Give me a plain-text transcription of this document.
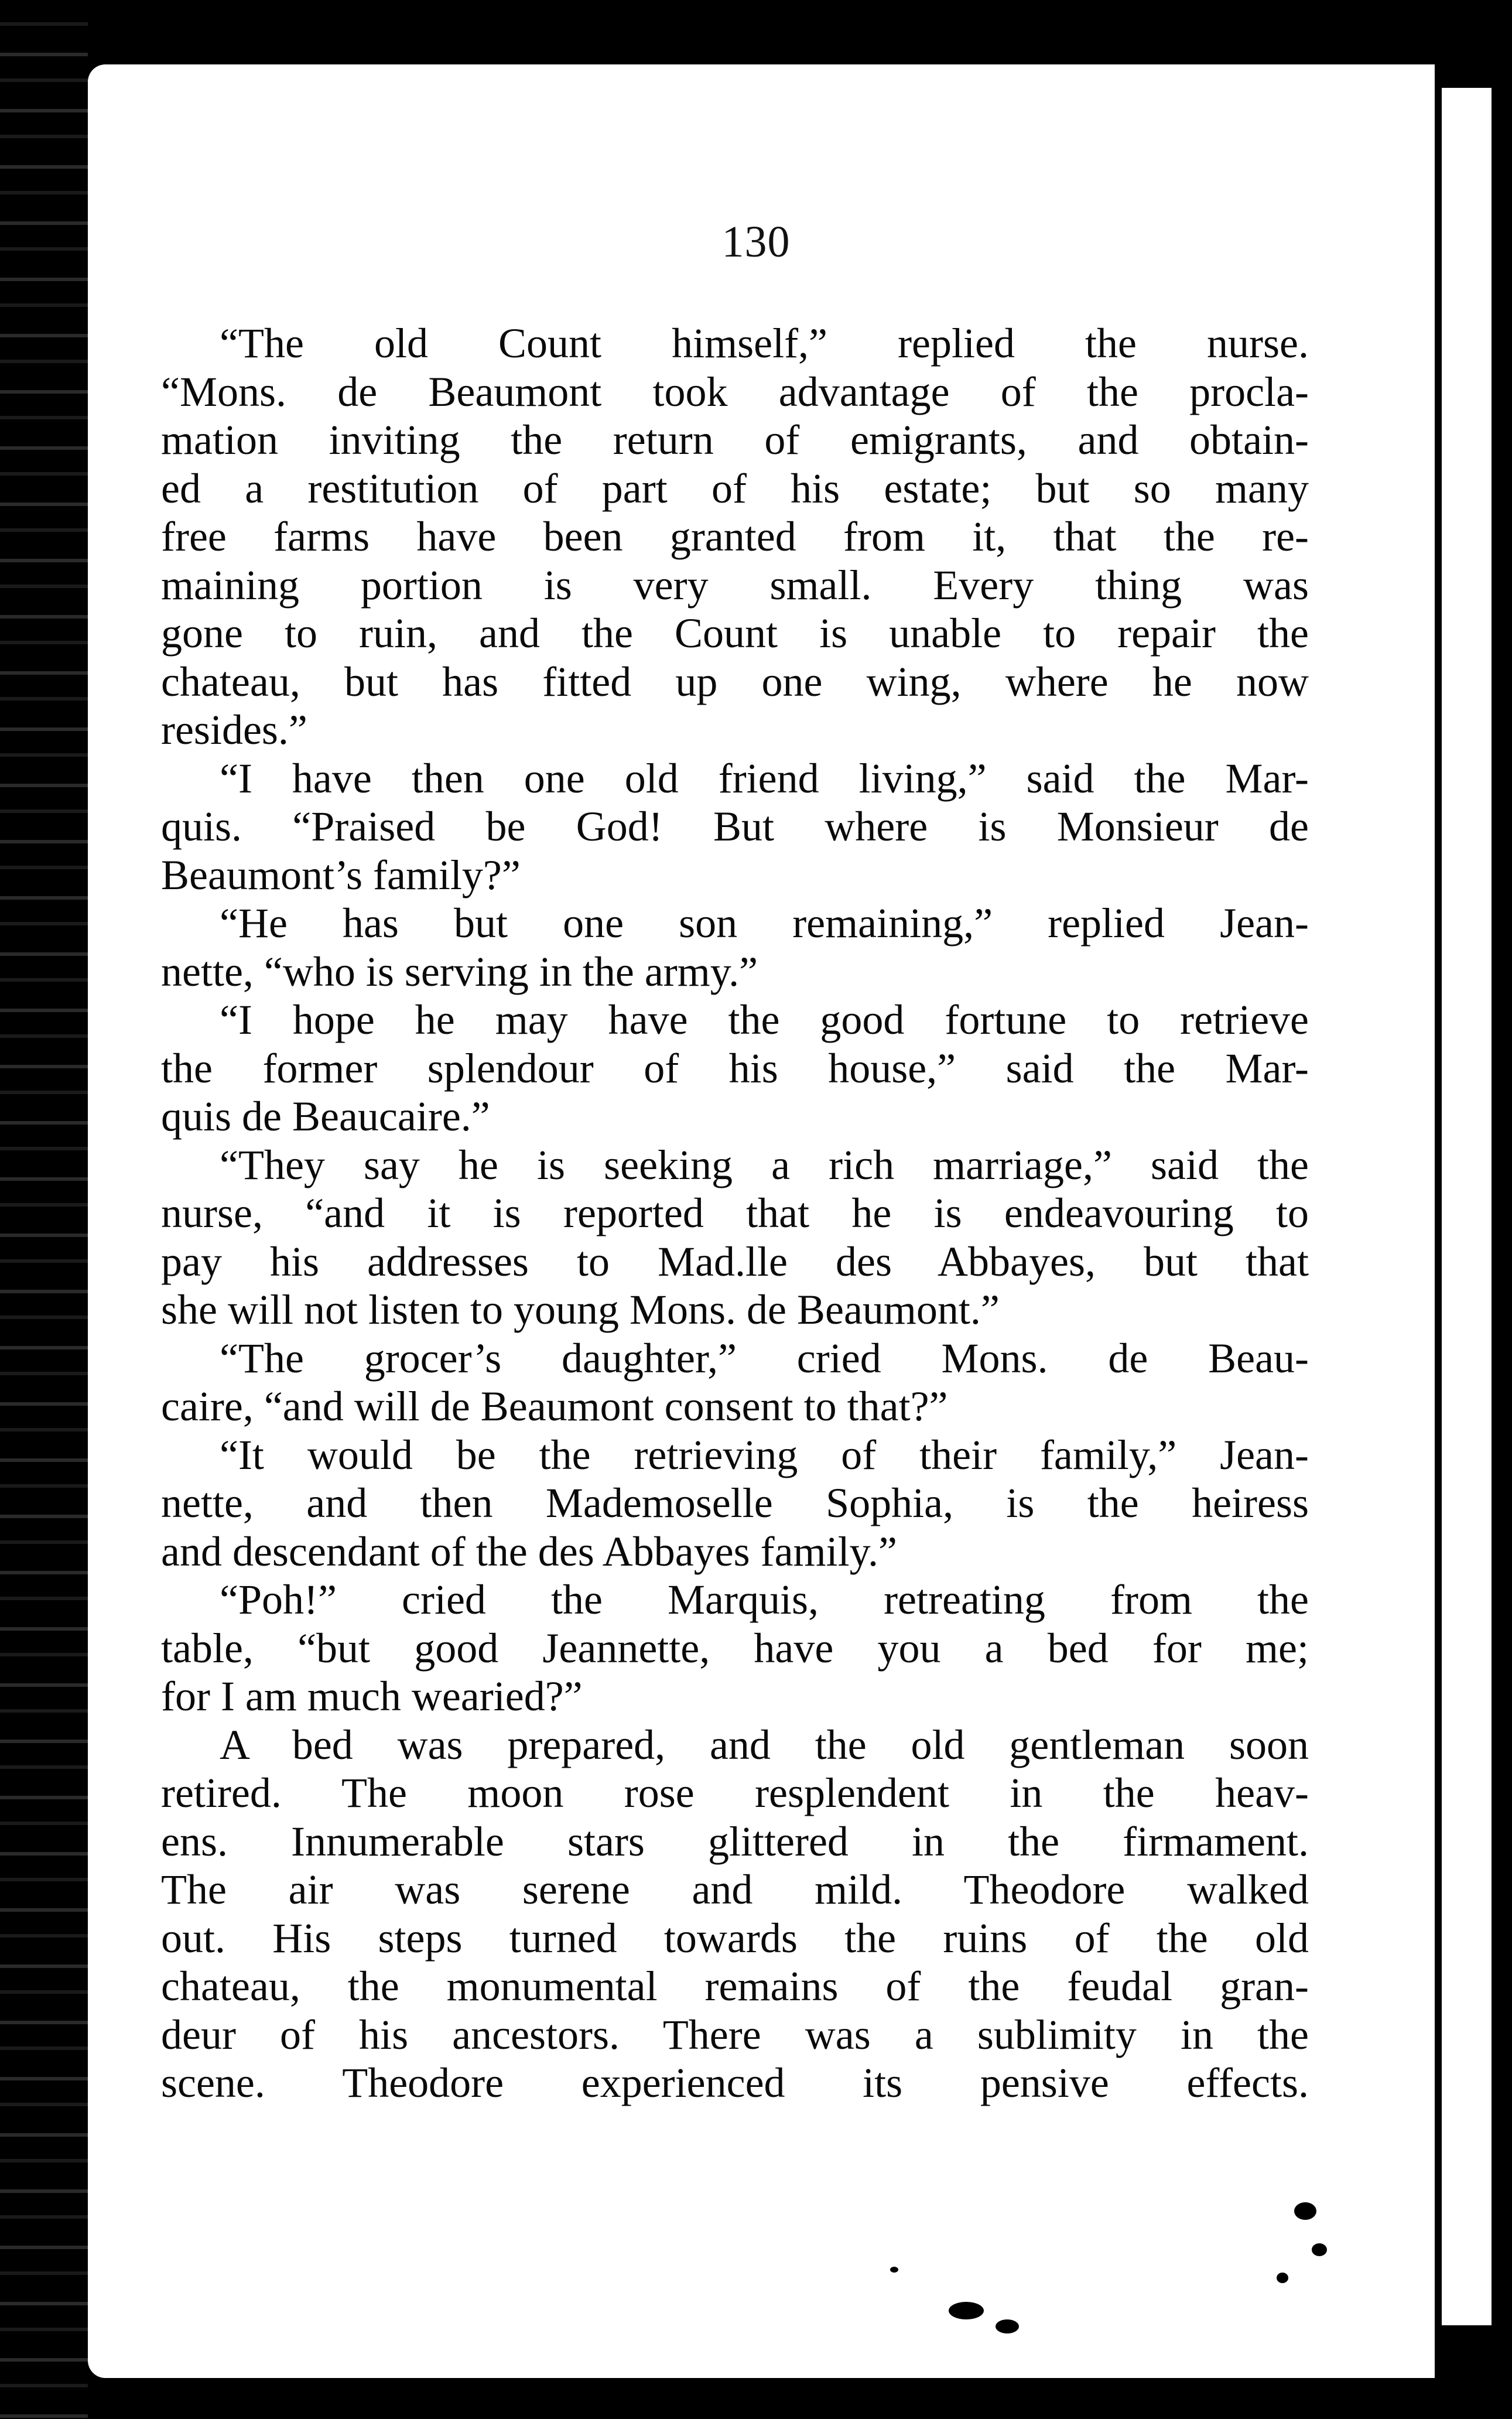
130
“The old Count himself,” replied the nurse.
“Mons. de Beaumont took advantage of the procla-
mation inviting the return of emigrants, and obtain-
ed a restitution of part of his estate; but so many
free farms have been granted from it, that the re-
maining portion is very small. Every thing was
gone to ruin, and the Count is unable to repair the
chateau, but has fitted up one wing, where he now
resides.”
“I have then one old friend living,” said the Mar-
quis. “Praised be God! But where is Monsieur de
Beaumont’s family?”
“He has but one son remaining,” replied Jean-
nette, “who is serving in the army.”
“I hope he may have the good fortune to retrieve
the former splendour of his house,” said the Mar-
quis de Beaucaire.”
“They say he is seeking a rich marriage,” said the
nurse, “and it is reported that he is endeavouring to
pay his addresses to Mad.lle des Abbayes, but that
she will not listen to young Mons. de Beaumont.”
“The grocer’s daughter,” cried Mons. de Beau-
caire, “and will de Beaumont consent to that?”
“It would be the retrieving of their family,” Jean-
nette, and then Mademoselle Sophia, is the heiress
and descendant of the des Abbayes family.”
“Poh!” cried the Marquis, retreating from the
table, “but good Jeannette, have you a bed for me;
for I am much wearied?”
A bed was prepared, and the old gentleman soon
retired. The moon rose resplendent in the heav-
ens. Innumerable stars glittered in the firmament.
The air was serene and mild. Theodore walked
out. His steps turned towards the ruins of the old
chateau, the monumental remains of the feudal gran-
deur of his ancestors. There was a sublimity in the
scene. Theodore experienced its pensive effects.
